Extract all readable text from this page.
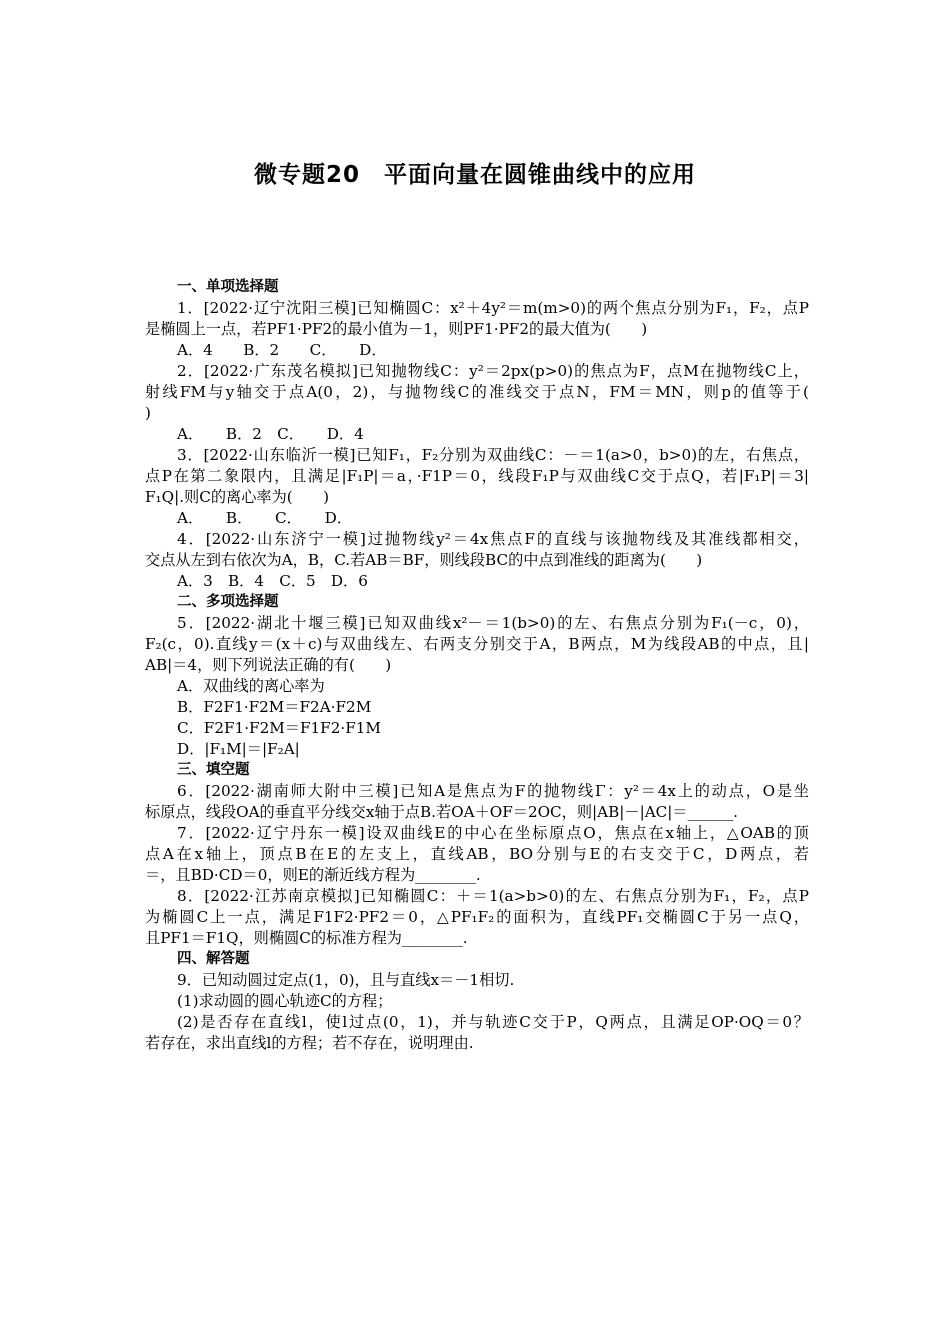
微专题20　平面向量在圆锥曲线中的应用
一、单项选择题
1．[2022·辽宁沈阳三模]已知椭圆C：x²＋4y²＝m(m>0)的两个焦点分别为F₁，F₂，点P
是椭圆上一点，若PF1·PF2的最小值为－1，则PF1·PF2的最大值为(　　)
A．4　　B．2　　C．　　D．
2．[2022·广东茂名模拟]已知抛物线C：y²＝2px(p>0)的焦点为F，点M在抛物线C上，
射线FM与y轴交于点A(0，2)，与抛物线C的准线交于点N，FM＝MN，则p的值等于(
)
A．　　B．2　C．　　D．4
3．[2022·山东临沂一模]已知F₁，F₂分别为双曲线C：－＝1(a>0，b>0)的左，右焦点，
点P在第二象限内，且满足|F₁P|＝a，·F1P＝0，线段F₁P与双曲线C交于点Q，若|F₁P|＝3|
F₁Q|.则C的离心率为(　　)
A．　　B．　　C．　　D．
4．[2022·山东济宁一模]过抛物线y²＝4x焦点F的直线与该抛物线及其准线都相交，
交点从左到右依次为A，B，C.若AB＝BF，则线段BC的中点到准线的距离为(　　)
A．3　B．4　C．5　D．6
二、多项选择题
5．[2022·湖北十堰三模]已知双曲线x²－＝1(b>0)的左、右焦点分别为F₁(－c，0)，
F₂(c，0).直线y＝(x＋c)与双曲线左、右两支分别交于A，B两点，M为线段AB的中点，且|
AB|＝4，则下列说法正确的有(　　)
A．双曲线的离心率为
B．F2F1·F2M＝F2A·F2M
C．F2F1·F2M＝F1F2·F1M
D．|F₁M|＝|F₂A|
三、填空题
6．[2022·湖南师大附中三模]已知A是焦点为F的抛物线Γ：y²＝4x上的动点，O是坐
标原点，线段OA的垂直平分线交x轴于点B.若OA＋OF＝2OC，则|AB|－|AC|＝______.
7．[2022·辽宁丹东一模]设双曲线E的中心在坐标原点O，焦点在x轴上，△OAB的顶
点A在x轴上，顶点B在E的左支上，直线AB，BO分别与E的右支交于C，D两点，若
＝，且BD·CD＝0，则E的渐近线方程为________.
8．[2022·江苏南京模拟]已知椭圆C：＋＝1(a>b>0)的左、右焦点分别为F₁，F₂，点P
为椭圆C上一点，满足F1F2·PF2＝0，△PF₁F₂的面积为，直线PF₁交椭圆C于另一点Q，
且PF1＝F1Q，则椭圆C的标准方程为________.
四、解答题
9．已知动圆过定点(1，0)，且与直线x＝－1相切.
(1)求动圆的圆心轨迹C的方程；
(2)是否存在直线l，使l过点(0，1)，并与轨迹C交于P，Q两点，且满足OP·OQ＝0？
若存在，求出直线l的方程；若不存在，说明理由.
